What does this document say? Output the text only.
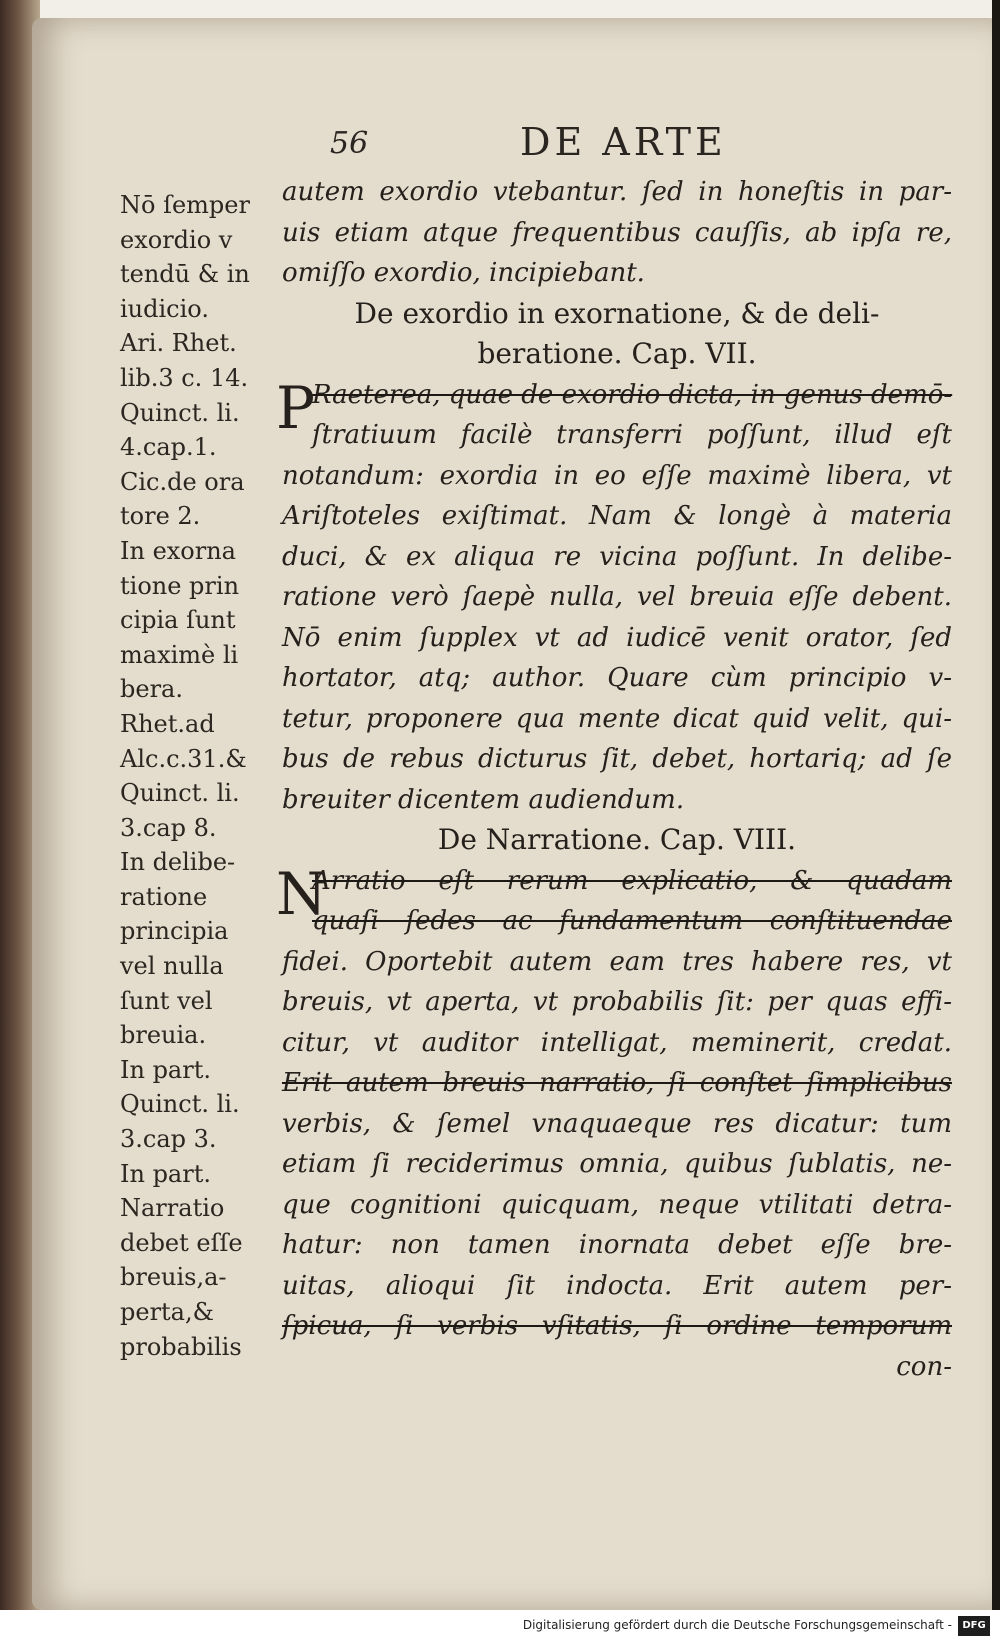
56	DE ARTE
Nō ſemper
exordio v
tendū & in
iudicio.
Ari. Rhet.
lib.3 c. 14.
Quinct. li.
4.cap.1.
Cic.de ora
tore 2.
In exorna
tione prin
cipia ſunt
maximè li
bera.
Rhet.ad
Alc.c.31.&
Quinct. li.
3.cap 8.
In delibe-
ratione
principia
vel nulla
ſunt vel
breuia.
In part.
Quinct. li.
3.cap 3.
In part.
Narratio
debet eſſe
breuis,a-
perta,&
probabilis
autem exordio vtebantur. ſed in honeſtis in par-
uis etiam atque frequentibus cauſſis, ab ipſa re,
omiſſo exordio, incipiebant.
De exordio in exornatione, & de deli-
beratione. Cap. VII.
P
Raeterea, quae de exordio dicta, in genus demō-
ſtratiuum facilè transferri poſſunt, illud eſt
notandum: exordia in eo eſſe maximè libera, vt
Ariſtoteles exiſtimat. Nam & longè à materia
duci, & ex aliqua re vicina poſſunt. In delibe-
ratione verò ſaepè nulla, vel breuia eſſe debent.
Nō enim ſupplex vt ad iudicē venit orator, ſed
hortator, atq; author. Quare cùm principio v-
tetur, proponere qua mente dicat quid velit, qui-
bus de rebus dicturus ſit, debet, hortariq; ad ſe
breuiter dicentem audiendum.
De Narratione. Cap. VIII.
N
Arratio eſt rerum explicatio, & quadam
quaſi ſedes ac fundamentum conſtituendae
fidei. Oportebit autem eam tres habere res, vt
breuis, vt aperta, vt probabilis ſit: per quas effi-
citur, vt auditor intelligat, meminerit, credat.
Erit autem breuis narratio, ſi conſtet ſimplicibus
verbis, & ſemel vnaquaeque res dicatur: tum
etiam ſi reciderimus omnia, quibus ſublatis, ne-
que cognitioni quicquam, neque vtilitati detra-
hatur: non tamen inornata debet eſſe bre-
uitas, alioqui ſit indocta. Erit autem per-
ſpicua, ſi verbis vſitatis, ſi ordine temporum
con-
Digitalisierung gefördert durch die Deutsche Forschungsgemeinschaft -	DFG
